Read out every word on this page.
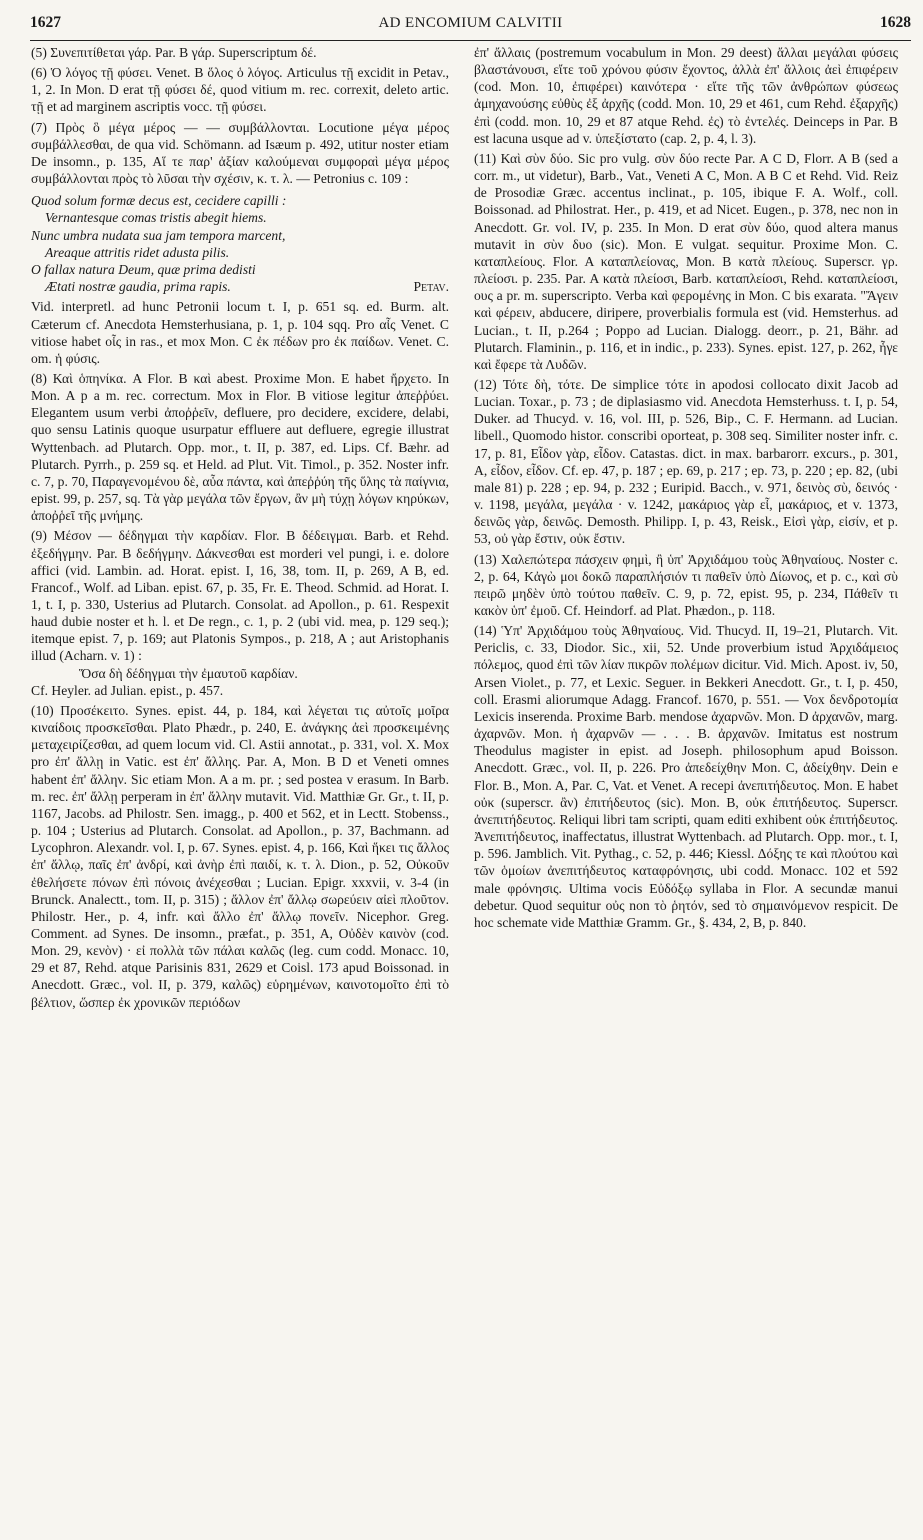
1627	AD ENCOMIUM CALVITII	1628

(5) Συνεπιτίθεται γάρ. Par. B γάρ. Superscriptum δέ.

(6) Ὁ λόγος τῇ φύσει. Venet. B ὅλος ὁ λόγος. Articulus τῇ excidit in Petav., 1, 2. In Mon. D erat τῇ φύσει δέ, quod vitium m. rec. correxit, deleto artic. τῇ et ad marginem ascriptis vocc. τῇ φύσει.

(7) Πρὸς ὃ μέγα μέρος — — συμβάλλονται. Locutione μέγα μέρος συμβάλλεσθαι, de qua vid. Schömann. ad Isæum p. 492, utitur noster etiam De insomn., p. 135, Αἵ τε παρ' ἀξίαν καλούμεναι συμφοραὶ μέγα μέρος συμβάλλονται πρὸς τὸ λῦσαι τὴν σχέσιν, κ. τ. λ. — Petronius c. 109 :

Quod solum formæ decus est, cecidere capilli :
Vernantesque comas tristis abegit hiems.
Nunc umbra nudata sua jam tempora marcent,
Areaque attritis ridet adusta pilis.
O fallax natura Deum, quæ prima dedisti
Ætati nostræ gaudia, prima rapis.	Petav.

Vid. interpretl. ad hunc Petronii locum t. I, p. 651 sq. ed. Burm. alt. Cæterum cf. Anecdota Hemsterhusiana, p. 1, p. 104 sqq. Pro αἷς Venet. C vitiose habet οἷς in ras., et mox Mon. C ἐκ πέδων pro ἐκ παίδων. Venet. C. om. ἡ φύσις.

(8) Καὶ ὁπηνίκα. A Flor. B καὶ abest. Proxime Mon. E habet ἤρχετο. In Mon. A p a m. rec. correctum. Mox in Flor. B vitiose legitur ἀπεῤῥύει. Elegantem usum verbi ἀποῤῥεῖν, defluere, pro decidere, excidere, delabi, quo sensu Latinis quoque usurpatur effluere aut defluere, egregie illustrat Wyttenbach. ad Plutarch. Opp. mor., t. II, p. 387, ed. Lips. Cf. Bæhr. ad Plutarch. Pyrrh., p. 259 sq. et Held. ad Plut. Vit. Timol., p. 352. Noster infr. c. 7, p. 70, Παραγενομένου δὲ, αὖα πάντα, καὶ ἀπεῤῥύη τῆς ὕλης τὰ παίγνια, epist. 99, p. 257, sq. Τὰ γὰρ μεγάλα τῶν ἔργων, ἂν μὴ τύχῃ λόγων κηρύκων, ἀποῤῥεῖ τῆς μνήμης.

(9) Μέσον — δέδηγμαι τὴν καρδίαν. Flor. B δέδειγμαι. Barb. et Rehd. ἐξεδήγμην. Par. B δεδήγμην. Δάκνεσθαι est morderi vel pungi, i. e. dolore affici (vid. Lambin. ad. Horat. epist. I, 16, 38, tom. II, p. 269, A B, ed. Francof., Wolf. ad Liban. epist. 67, p. 35, Fr. E. Theod. Schmid. ad Horat. I. 1, t. I, p. 330, Usterius ad Plutarch. Consolat. ad Apollon., p. 61. Respexit haud dubie noster et h. l. et De regn., c. 1, p. 2 (ubi vid. mea, p. 129 seq.); itemque epist. 7, p. 169; aut Platonis Sympos., p. 218, A ; aut Aristophanis illud (Acharn. v. 1) :
Ὅσα δὴ δέδηγμαι τὴν ἐμαυτοῦ καρδίαν.
Cf. Heyler. ad Julian. epist., p. 457.

(10) Προσέκειτο. Synes. epist. 44, p. 184, καὶ λέγεται τις αὐτοῖς μοῖρα κιναίδοις προσκεῖσθαι. Plato Phædr., p. 240, E. ἀνάγκης ἀεὶ προσκειμένης μεταχειρίζεσθαι, ad quem locum vid. Cl. Astii annotat., p. 331, vol. X. Mox pro ἐπ' ἄλλῃ in Vatic. est ἐπ' ἄλλης. Par. A, Mon. B D et Veneti omnes habent ἐπ' ἄλλην. Sic etiam Mon. A a m. pr. ; sed postea v erasum. In Barb. m. rec. ἐπ' ἄλλῃ perperam in ἐπ' ἄλλην mutavit. Vid. Matthiæ Gr. Gr., t. II, p. 1167, Jacobs. ad Philostr. Sen. imagg., p. 400 et 562, et in Lectt. Stobenss., p. 104 ; Usterius ad Plutarch. Consolat. ad Apollon., p. 37, Bachmann. ad Lycophron. Alexandr. vol. I, p. 67. Synes. epist. 4, p. 166, Καὶ ἥκει τις ἄλλος ἐπ' ἄλλῳ, παῖς ἐπ' ἀνδρί, καὶ ἀνὴρ ἐπὶ παιδί, κ. τ. λ. Dion., p. 52, Οὐκοῦν ἐθελήσετε πόνων ἐπὶ πόνοις ἀνέχεσθαι ; Lucian. Epigr. xxxvii, v. 3-4 (in Brunck. Analectt., tom. II, p. 315) ; ἄλλον ἐπ' ἄλλῳ σωρεύειν αἰεὶ πλοῦτον. Philostr. Her., p. 4, infr. καὶ ἄλλο ἐπ' ἄλλῳ πονεῖν. Nicephor. Greg. Comment. ad Synes. De insomn., præfat., p. 351, A, Οὐδὲν καινὸν (cod. Mon. 29, κενὸν) · εἰ πολλὰ τῶν πάλαι καλῶς (leg. cum codd. Monacc. 10, 29 et 87, Rehd. atque Parisinis 831, 2629 et Coisl. 173 apud Boissonad. in Anecdott. Græc., vol. II, p. 379, καλῶς) εὑρημένων, καινοτομοῖτο ἐπὶ τὸ βέλτιον, ὥσπερ ἐκ χρονικῶν περιόδων

ἐπ' ἄλλαις (postremum vocabulum in Mon. 29 deest) ἄλλαι μεγάλαι φύσεις βλαστάνουσι, εἴτε τοῦ χρόνου φύσιν ἔχοντος, ἀλλὰ ἐπ' ἄλλοις ἀεὶ ἐπιφέρειν (cod. Mon. 10, ἐπιφέρει) καινότερα · εἴτε τῆς τῶν ἀνθρώπων φύσεως ἀμηχανούσης εὐθὺς ἐξ ἀρχῆς (codd. Mon. 10, 29 et 461, cum Rehd. ἐξαρχῆς) ἐπὶ (codd. mon. 10, 29 et 87 atque Rehd. ἐς) τὸ ἐντελές. Deinceps in Par. B est lacuna usque ad v. ὑπεξίστατο (cap. 2, p. 4, l. 3).

(11) Καὶ σὺν δύο. Sic pro vulg. σὺν δύο recte Par. A C D, Florr. A B (sed a corr. m., ut videtur), Barb., Vat., Veneti A C, Mon. A B C et Rehd. Vid. Reiz de Prosodiæ Græc. accentus inclinat., p. 105, ibique F. A. Wolf., coll. Boissonad. ad Philostrat. Her., p. 419, et ad Nicet. Eugen., p. 378, nec non in Anecdott. Gr. vol. IV, p. 235. In Mon. D erat σὺν δύο, quod altera manus mutavit in σὺν δυο (sic). Mon. E vulgat. sequitur. Proxime Mon. C. καταπλείους. Flor. A καταπλείονας, Mon. B κατὰ πλείους. Superscr. γρ. πλείοσι. p. 235. Par. A κατὰ πλείοσι, Barb. καταπλείοσι, Rehd. καταπλείοσι, ους a pr. m. superscripto. Verba καὶ φερομένης in Mon. C bis exarata. "Ἄγειν καὶ φέρειν, abducere, diripere, proverbialis formula est (vid. Hemsterhus. ad Lucian., t. II, p.264 ; Poppo ad Lucian. Dialogg. deorr., p. 21, Bähr. ad Plutarch. Flaminin., p. 116, et in indic., p. 233). Synes. epist. 127, p. 262, ἦγε καὶ ἔφερε τὰ Λυδῶν.

(12) Τότε δὴ, τότε. De simplice τότε in apodosi collocato dixit Jacob ad Lucian. Toxar., p. 73 ; de diplasiasmo vid. Anecdota Hemsterhuss. t. I, p. 54, Duker. ad Thucyd. v. 16, vol. III, p. 526, Bip., C. F. Hermann. ad Lucian. libell., Quomodo histor. conscribi oporteat, p. 308 seq. Similiter noster infr. c. 17, p. 81, Εἶδον γὰρ, εἶδον. Catastas. dict. in max. barbarorr. excurs., p. 301, A, εἶδον, εἶδον. Cf. ep. 47, p. 187 ; ep. 69, p. 217 ; ep. 73, p. 220 ; ep. 82, (ubi male 81) p. 228 ; ep. 94, p. 232 ; Euripid. Bacch., v. 971, δεινὸς σὺ, δεινός · v. 1198, μεγάλα, μεγάλα · v. 1242, μακάριος γὰρ εἶ, μακάριος, et v. 1373, δεινῶς γὰρ, δεινῶς. Demosth. Philipp. I, p. 43, Reisk., Εἰσὶ γὰρ, εἰσίν, et p. 53, οὐ γὰρ ἔστιν, οὐκ ἔστιν.

(13) Χαλεπώτερα πάσχειν φημὶ, ἢ ὑπ' Ἀρχιδάμου τοὺς Ἀθηναίους. Noster c. 2, p. 64, Κἀγὼ μοι δοκῶ παραπλήσιόν τι παθεῖν ὑπὸ Δίωνος, et p. c., καὶ σὺ πειρῶ μηδὲν ὑπὸ τούτου παθεῖν. C. 9, p. 72, epist. 95, p. 234, Πάθεῖν τι κακὸν ὑπ' ἐμοῦ. Cf. Heindorf. ad Plat. Phædon., p. 118.

(14) Ὑπ' Ἀρχιδάμου τοὺς Ἀθηναίους. Vid. Thucyd. II, 19–21, Plutarch. Vit. Periclis, c. 33, Diodor. Sic., xii, 52. Unde proverbium istud Ἀρχιδάμειος πόλεμος, quod ἐπὶ τῶν λίαν πικρῶν πολέμων dicitur. Vid. Mich. Apost. iv, 50, Arsen Violet., p. 77, et Lexic. Seguer. in Bekkeri Anecdott. Gr., t. I, p. 450, coll. Erasmi aliorumque Adagg. Francof. 1670, p. 551. — Vox δενδροτομία Lexicis inserenda. Proxime Barb. mendose ἀχαρνῶν. Mon. D ἀρχανῶν, marg. ἀχαρνῶν. Mon. ἡ ἀχαρνῶν — . . . B. ἀρχανῶν. Imitatus est nostrum Theodulus magister in epist. ad Joseph. philosophum apud Boisson. Anecdott. Græc., vol. II, p. 226. Pro ἀπεδείχθην Mon. C, ἀδείχθην. Dein e Flor. B., Mon. A, Par. C, Vat. et Venet. A recepi ἀνεπιτήδευτος. Mon. E habet οὐκ (superscr. ἂν) ἐπιτήδευτος (sic). Mon. B, οὐκ ἐπιτήδευτος. Superscr. ἀνεπιτήδευτος. Reliqui libri tam scripti, quam editi exhibent οὐκ ἐπιτήδευτος. Ἀνεπιτήδευτος, inaffectatus, illustrat Wyttenbach. ad Plutarch. Opp. mor., t. I, p. 596. Jamblich. Vit. Pythag., c. 52, p. 446; Kiessl. Δόξης τε καὶ πλούτου καὶ τῶν ὁμοίων ἀνεπιτήδευτος καταφρόνησις, ubi codd. Monacc. 102 et 592 male φρόνησις. Ultima vocis Εὐδόξῳ syllaba in Flor. A secundæ manui debetur. Quod sequitur οὐς non τὸ ῥητόν, sed τὸ σημαινόμενον respicit. De hoc schemate vide Matthiæ Gramm. Gr., §. 434, 2, B, p. 840.
